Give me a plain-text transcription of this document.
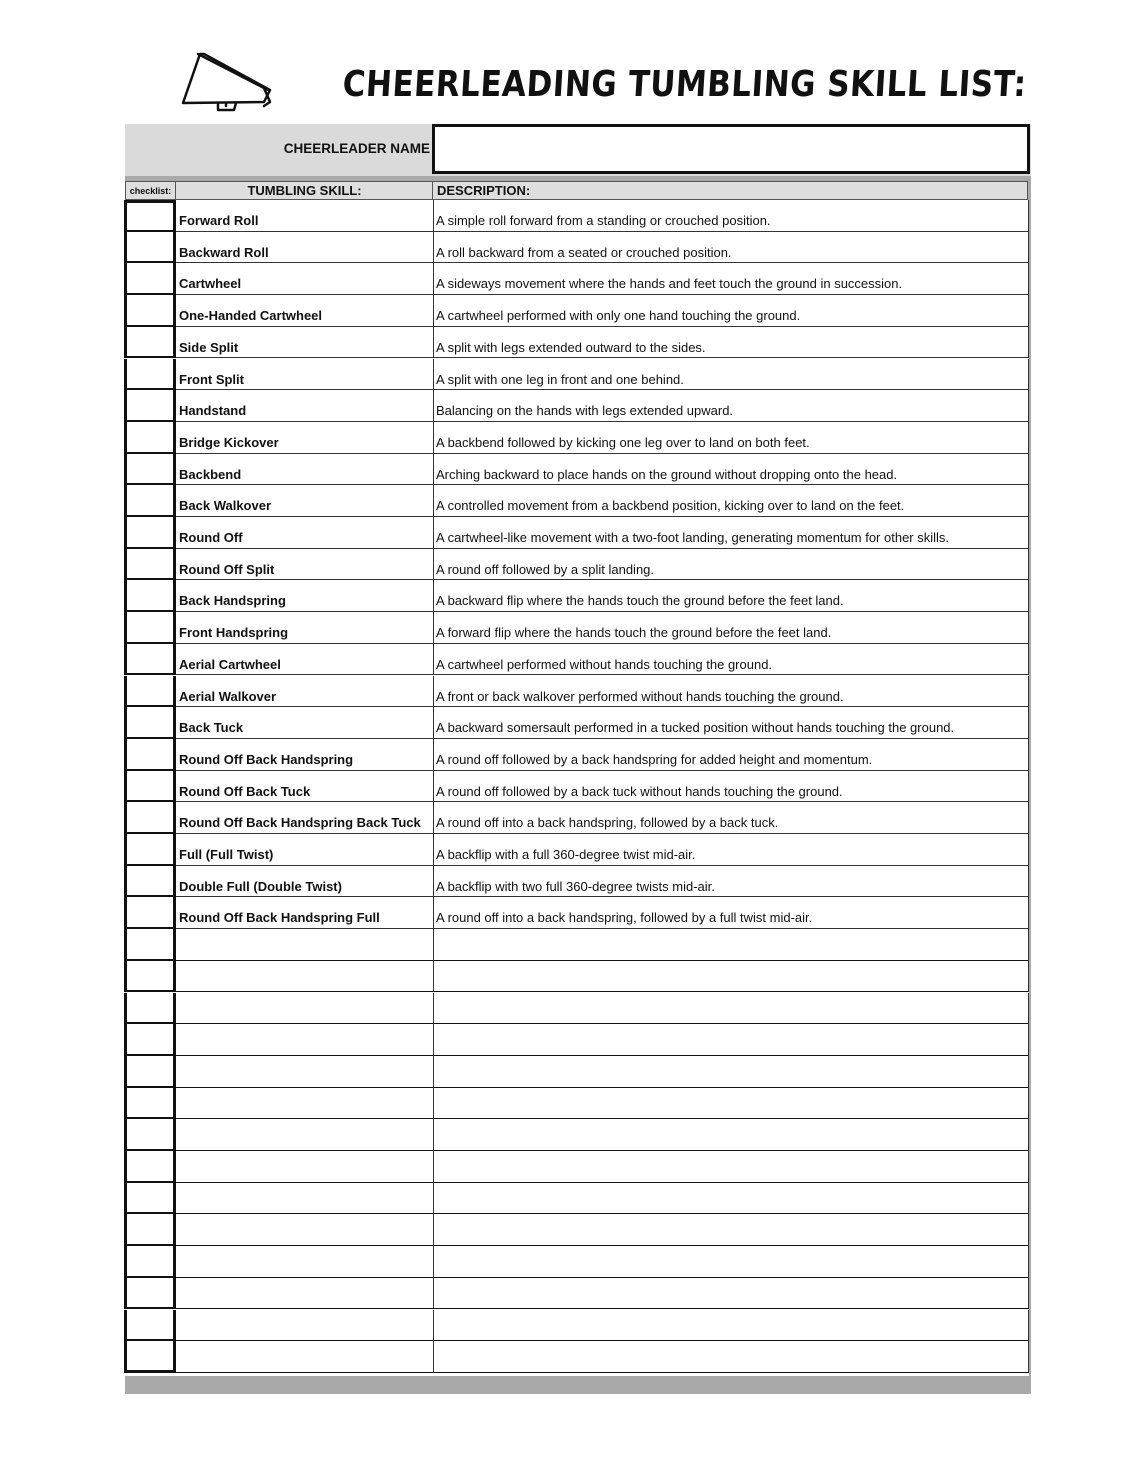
CHEERLEADING TUMBLING SKILL LIST:
CHEERLEADER NAME
checklist:	TUMBLING SKILL:	DESCRIPTION:
Forward Roll	A simple roll forward from a standing or crouched position.
Backward Roll	A roll backward from a seated or crouched position.
Cartwheel	A sideways movement where the hands and feet touch the ground in succession.
One-Handed Cartwheel	A cartwheel performed with only one hand touching the ground.
Side Split	A split with legs extended outward to the sides.
Front Split	A split with one leg in front and one behind.
Handstand	Balancing on the hands with legs extended upward.
Bridge Kickover	A backbend followed by kicking one leg over to land on both feet.
Backbend	Arching backward to place hands on the ground without dropping onto the head.
Back Walkover	A controlled movement from a backbend position, kicking over to land on the feet.
Round Off	A cartwheel-like movement with a two-foot landing, generating momentum for other skills.
Round Off Split	A round off followed by a split landing.
Back Handspring	A backward flip where the hands touch the ground before the feet land.
Front Handspring	A forward flip where the hands touch the ground before the feet land.
Aerial Cartwheel	A cartwheel performed without hands touching the ground.
Aerial Walkover	A front or back walkover performed without hands touching the ground.
Back Tuck	A backward somersault performed in a tucked position without hands touching the ground.
Round Off Back Handspring	A round off followed by a back handspring for added height and momentum.
Round Off Back Tuck	A round off followed by a back tuck without hands touching the ground.
Round Off Back Handspring Back Tuck	A round off into a back handspring, followed by a back tuck.
Full (Full Twist)	A backflip with a full 360-degree twist mid-air.
Double Full (Double Twist)	A backflip with two full 360-degree twists mid-air.
Round Off Back Handspring Full	A round off into a back handspring, followed by a full twist mid-air.
